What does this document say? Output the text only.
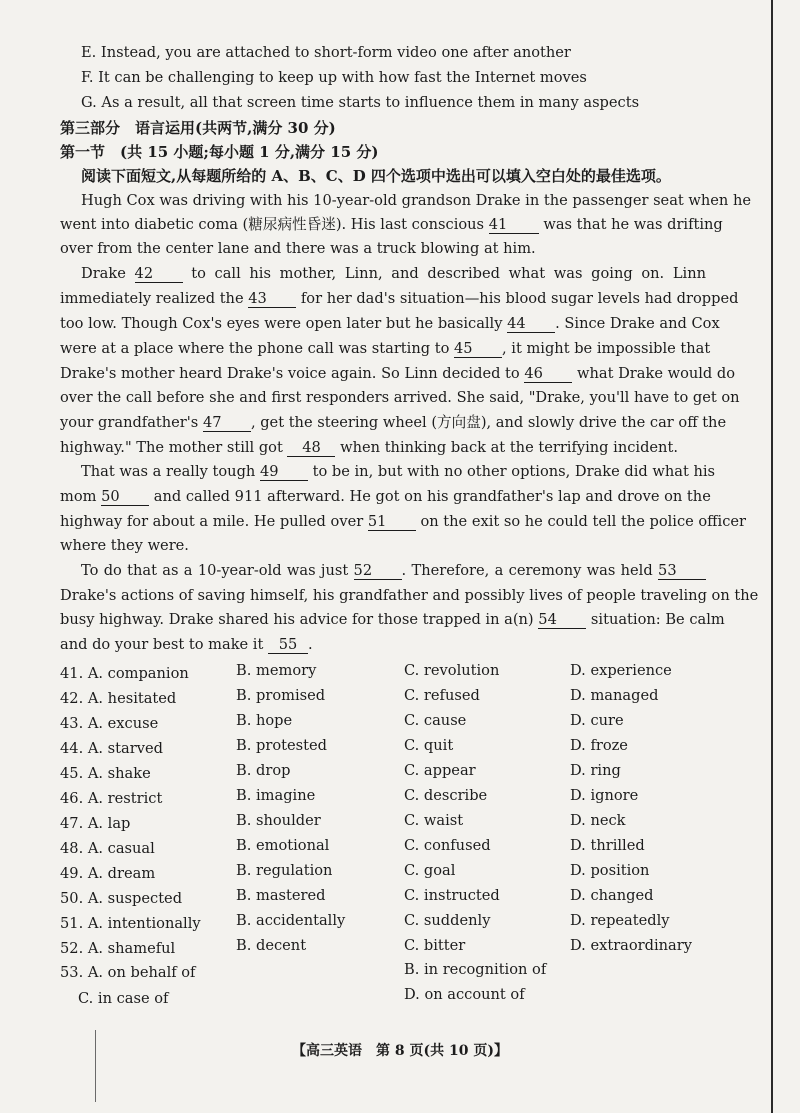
E. Instead, you are attached to short-form video one after another
F. It can be challenging to keep up with how fast the Internet moves
G. As a result, all that screen time starts to influence them in many aspects
第三部分　语言运用(共两节,满分 30 分)
第一节　(共 15 小题;每小题 1 分,满分 15 分)
阅读下面短文,从每题所给的 A、B、C、D 四个选项中选出可以填入空白处的最佳选项。
Hugh Cox was driving with his 10-year-old grandson Drake in the passenger seat when he
went into diabetic coma (糖尿病性昏迷). His last conscious 41 was that he was drifting
over from the center lane and there was a truck blowing at him.
Drake 42	to call his mother, Linn, and described what was going on. Linn
immediately realized the 43 for her dad's situation—his blood sugar levels had dropped
too low. Though Cox's eyes were open later but he basically 44 . Since Drake and Cox
were at a place where the phone call was starting to 45 , it might be impossible that
Drake's mother heard Drake's voice again. So Linn decided to 46 what Drake would do
over the call before she and first responders arrived. She said, "Drake, you'll have to get on
your grandfather's 47 , get the steering wheel (方向盘), and slowly drive the car off the
highway." The mother still got 48 when thinking back at the terrifying incident.
That was a really tough 49 to be in, but with no other options, Drake did what his
mom 50 and called 911 afterward. He got on his grandfather's lap and drove on the
highway for about a mile. He pulled over 51 on the exit so he could tell the police officer
where they were.
To do that as a 10-year-old was just 52 . Therefore, a ceremony was held 53
Drake's actions of saving himself, his grandfather and possibly lives of people traveling on the
busy highway. Drake shared his advice for those trapped in a(n) 54 situation: Be calm
and do your best to make it 55 .
41. A. companion	B. memory	C. revolution	D. experience
42. A. hesitated	B. promised	C. refused	D. managed
43. A. excuse	B. hope	C. cause	D. cure
44. A. starved	B. protested	C. quit	D. froze
45. A. shake	B. drop	C. appear	D. ring
46. A. restrict	B. imagine	C. describe	D. ignore
47. A. lap	B. shoulder	C. waist	D. neck
48. A. casual	B. emotional	C. confused	D. thrilled
49. A. dream	B. regulation	C. goal	D. position
50. A. suspected	B. mastered	C. instructed	D. changed
51. A. intentionally B. accidentally	C. suddenly	D. repeatedly
52. A. shameful	B. decent	C. bitter	D. extraordinary
53. A. on behalf of	B. in recognition of
C. in case of	D. on account of
【高三英语　第 8 页(共 10 页)】
